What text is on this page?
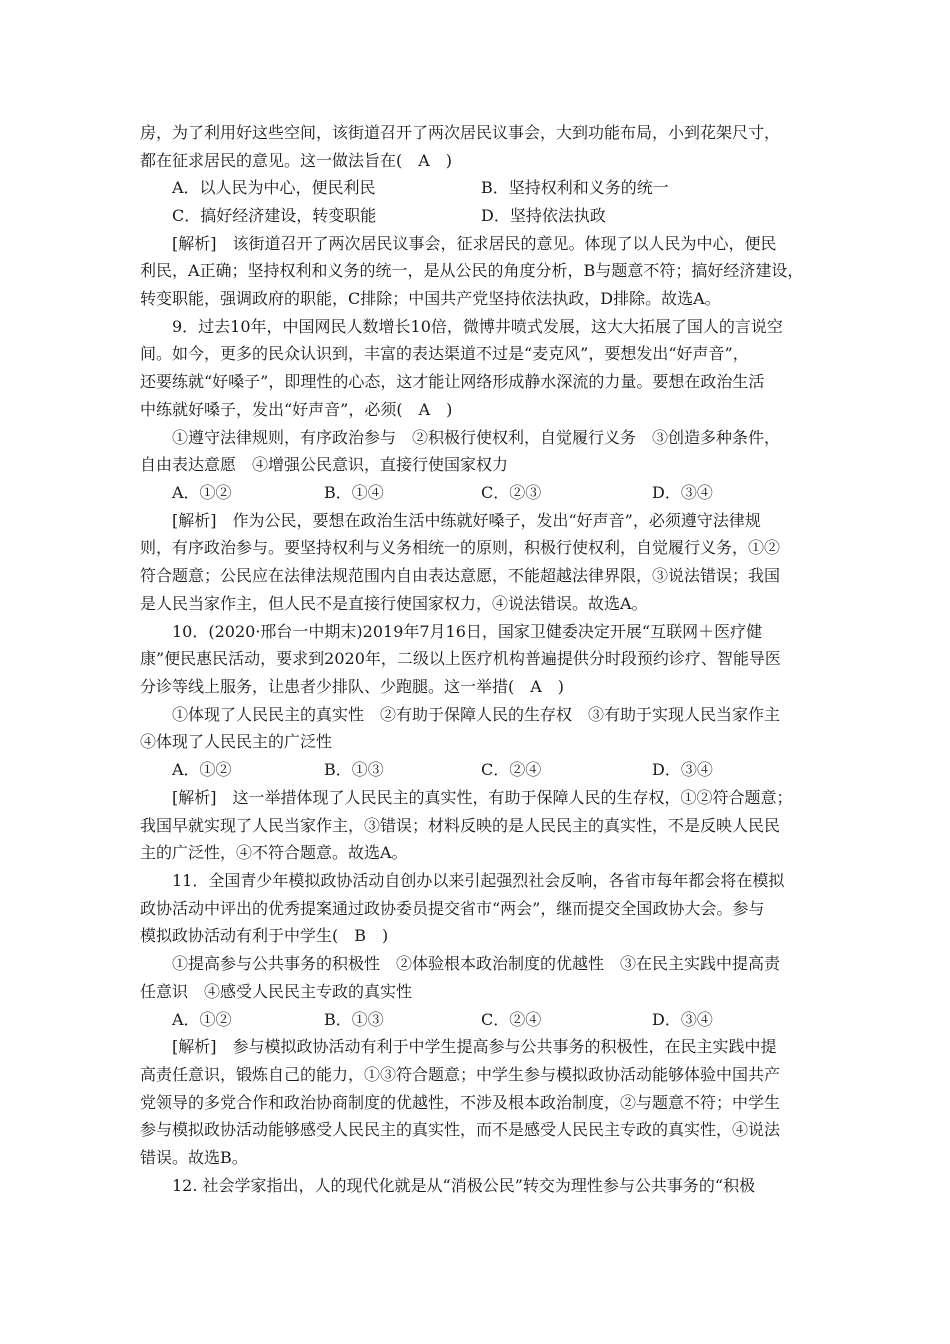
房，为了利用好这些空间，该街道召开了两次居民议事会，大到功能布局，小到花架尺寸，
都在征求居民的意见。这一做法旨在(　A　)
A．以人民为中心，便民利民	B．坚持权利和义务的统一
C．搞好经济建设，转变职能	D．坚持依法执政
[解析]　该街道召开了两次居民议事会，征求居民的意见。体现了以人民为中心，便民
利民，A正确；坚持权利和义务的统一，是从公民的角度分析，B与题意不符；搞好经济建设，
转变职能，强调政府的职能，C排除；中国共产党坚持依法执政，D排除。故选A。
9．过去10年，中国网民人数增长10倍，微博井喷式发展，这大大拓展了国人的言说空
间。如今，更多的民众认识到，丰富的表达渠道不过是“麦克风”，要想发出“好声音”，
还要练就“好嗓子”，即理性的心态，这才能让网络形成静水深流的力量。要想在政治生活
中练就好嗓子，发出“好声音”，必须(　A　)
①遵守法律规则，有序政治参与　②积极行使权利，自觉履行义务　③创造多种条件，
自由表达意愿　④增强公民意识，直接行使国家权力
A．①②	B．①④	C．②③	D．③④
[解析]　作为公民，要想在政治生活中练就好嗓子，发出“好声音”，必须遵守法律规
则，有序政治参与。要坚持权利与义务相统一的原则，积极行使权利，自觉履行义务，①②
符合题意；公民应在法律法规范围内自由表达意愿，不能超越法律界限，③说法错误；我国
是人民当家作主，但人民不是直接行使国家权力，④说法错误。故选A。
10．(2020·邢台一中期末)2019年7月16日，国家卫健委决定开展“互联网＋医疗健
康”便民惠民活动，要求到2020年，二级以上医疗机构普遍提供分时段预约诊疗、智能导医
分诊等线上服务，让患者少排队、少跑腿。这一举措(　A　)
①体现了人民民主的真实性　②有助于保障人民的生存权　③有助于实现人民当家作主
④体现了人民民主的广泛性
A．①②	B．①③	C．②④	D．③④
[解析]　这一举措体现了人民民主的真实性，有助于保障人民的生存权，①②符合题意；
我国早就实现了人民当家作主，③错误；材料反映的是人民民主的真实性，不是反映人民民
主的广泛性，④不符合题意。故选A。
11．全国青少年模拟政协活动自创办以来引起强烈社会反响，各省市每年都会将在模拟
政协活动中评出的优秀提案通过政协委员提交省市“两会”，继而提交全国政协大会。参与
模拟政协活动有利于中学生(　B　)
①提高参与公共事务的积极性　②体验根本政治制度的优越性　③在民主实践中提高责
任意识　④感受人民民主专政的真实性
A．①②	B．①③	C．②④	D．③④
[解析]　参与模拟政协活动有利于中学生提高参与公共事务的积极性，在民主实践中提
高责任意识，锻炼自己的能力，①③符合题意；中学生参与模拟政协活动能够体验中国共产
党领导的多党合作和政治协商制度的优越性，不涉及根本政治制度，②与题意不符；中学生
参与模拟政协活动能够感受人民民主的真实性，而不是感受人民民主专政的真实性，④说法
错误。故选B。
12. 社会学家指出，人的现代化就是从“消极公民”转交为理性参与公共事务的“积极
